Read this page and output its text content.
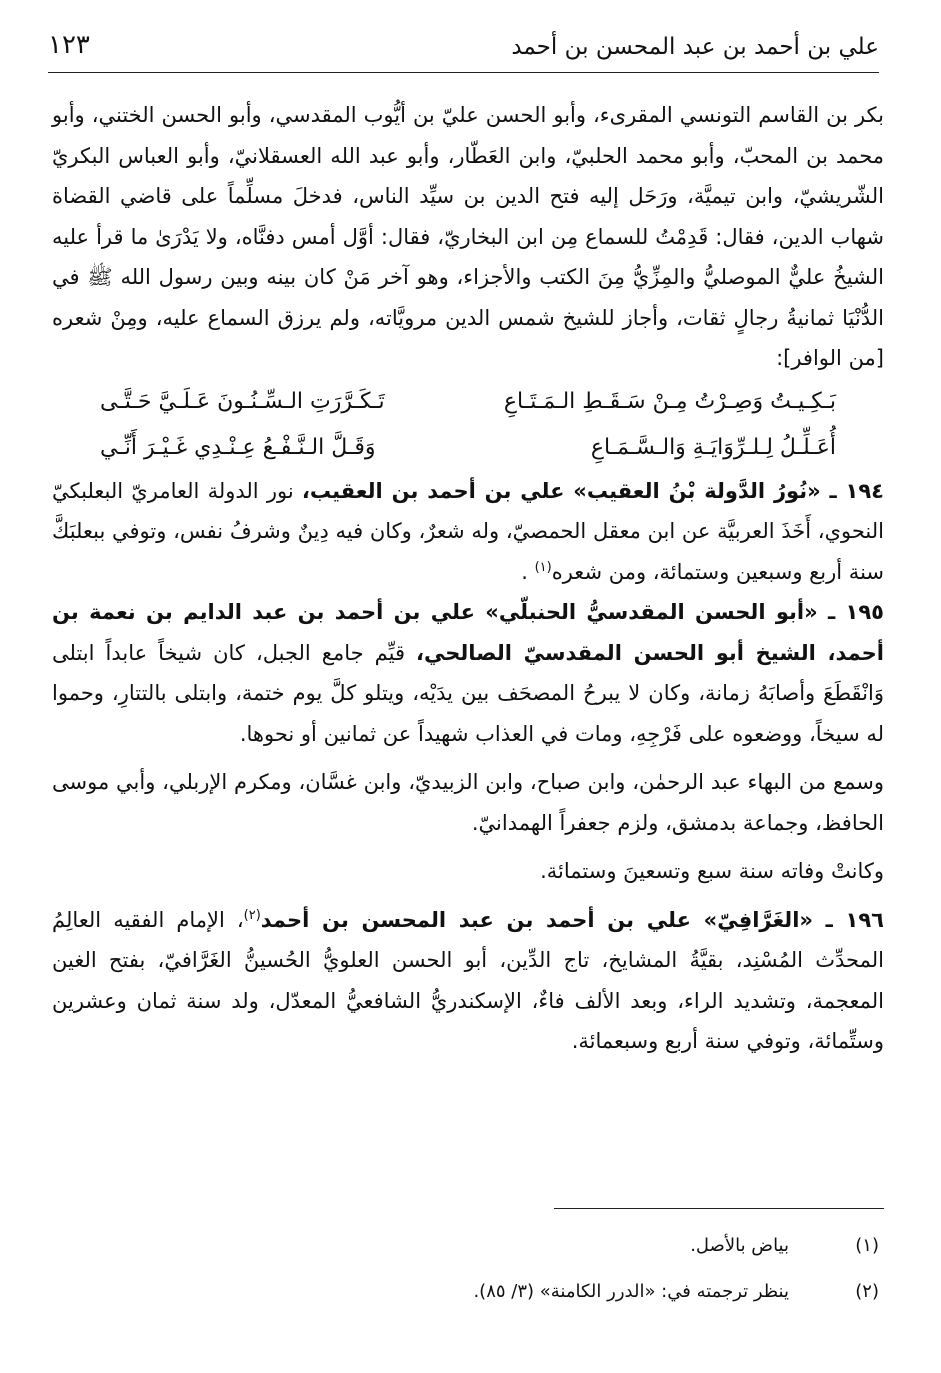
علي بن أحمد بن عبد المحسن بن أحمد
١٢٣

بكر بن القاسم التونسي المقرىء، وأبو الحسن عليّ بن أيُّوب المقدسي، وأبو الحسن الختني، وأبو محمد بن المحبّ، وأبو محمد الحلبيّ، وابن العَطّار، وأبو عبد الله العسقلانيّ، وأبو العباس البكريّ الشّريشيّ، وابن تيميَّة، ورَحَل إليه فتح الدين بن سيِّد الناس، فدخلَ مسلِّماً على قاضي القضاة شهاب الدين، فقال: قَدِمْتُ للسماع مِن ابن البخاريّ، فقال: أوَّل أمس دفنَّاه، ولا يَدْرَىٰ ما قرأ عليه الشيخُ عليٌّ الموصليُّ والمِزِّيُّ مِنَ الكتب والأجزاء، وهو آخر مَنْ كان بينه وبين رسول الله ﷺ في الدُّنْيَا ثمانيةُ رجالٍ ثقات، وأجاز للشيخ شمس الدين مرويَّاته، ولم يرزق السماع عليه، ومِنْ شعره [من الوافر]:

تَـكَـرَّرَتِ الـسِّـنُـونَ عَـلَـيَّ حَـتَّـى	بَـكِـيـتُ وَصِـرْتُ مِـنْ سَـقَـطِ الـمَـتَـاعِ
وَقَـلَّ الـنَّـفْـعُ عِـنْـدِي غَـيْـرَ أَنِّـي	أُعَـلِّـلُ لِـلـرِّوَايَـةِ وَالـسَّـمَـاعِ

١٩٤ ـ «نُورُ الدَّولة بْنُ العقيب» علي بن أحمد بن العقيب، نور الدولة العامريّ البعلبكيّ النحوي، أَخَذَ العربيَّة عن ابن معقل الحمصيّ، وله شعرٌ، وكان فيه دِينٌ وشرفُ نفس، وتوفي ببعلبَكَّ سنة أربع وسبعين وستمائة، ومن شعره$^{(١)}$ .

١٩٥ ـ «أبو الحسن المقدسيُّ الحنبلّي» علي بن أحمد بن عبد الدايم بن نعمة بن أحمد، الشيخ أبو الحسن المقدسيّ الصالحي، قيِّم جامع الجبل، كان شيخاً عابداً ابتلى وَانْقَطَعَ وأصابَهُ زمانة، وكان لا يبرحُ المصحَف بين يدَيْه، ويتلو كلَّ يوم ختمة، وابتلى بالتتارِ، وحموا له سيخاً، ووضعوه على فَرْجِهِ، ومات في العذاب شهيداً عن ثمانين أو نحوها.

وسمع من البهاء عبد الرحمٰن، وابن صباح، وابن الزبيديّ، وابن غسَّان، ومكرم الإربلي، وأبي موسى الحافظ، وجماعة بدمشق، ولزم جعفراً الهمدانيّ.

وكانتْ وفاته سنة سبع وتسعينَ وستمائة.

١٩٦ ـ «الغَرَّافِيّ» علي بن أحمد بن عبد المحسن بن أحمد$^{(٢)}$، الإمام الفقيه العالِمُ المحدِّث المُسْنِد، بقيَّةُ المشايخ، تاج الدِّين، أبو الحسن العلويُّ الحُسينُّ الغَرَّافيّ، بفتح الغين المعجمة، وتشديد الراء، وبعد الألف فاءٌ، الإسكندريُّ الشافعيُّ المعدّل، ولد سنة ثمان وعشرين وستِّمائة، وتوفي سنة أربع وسبعمائة.

(١)
بياض بالأصل.
(٢)
ينظر ترجمته في: «الدرر الكامنة» (٣/ ٨٥).
